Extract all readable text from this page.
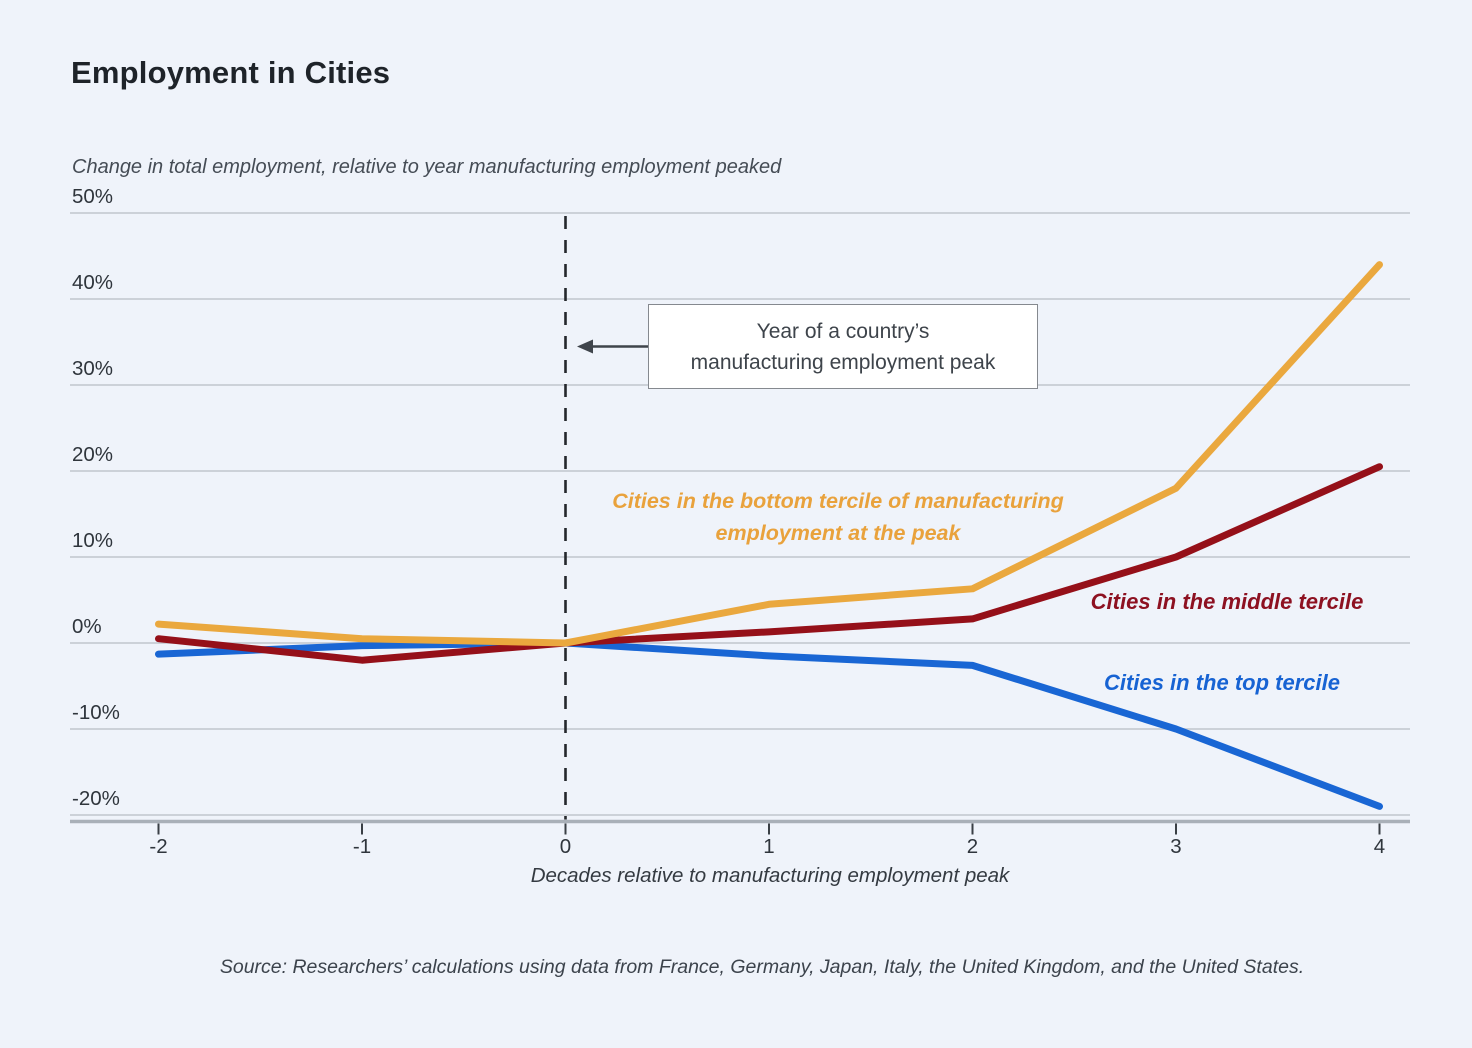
Employment in Cities
Change in total employment, relative to year manufacturing employment peaked
50%
40%
30%
20%
10%
0%
-10%
-20%
-2	-1	0	1	2	3	4
Year of a country’s
manufacturing employment peak
Cities in the bottom tercile of manufacturing
employment at the peak
Cities in the middle tercile
Cities in the top tercile
Decades relative to manufacturing employment peak
Source: Researchers’ calculations using data from France, Germany, Japan, Italy, the United Kingdom, and the United States.
